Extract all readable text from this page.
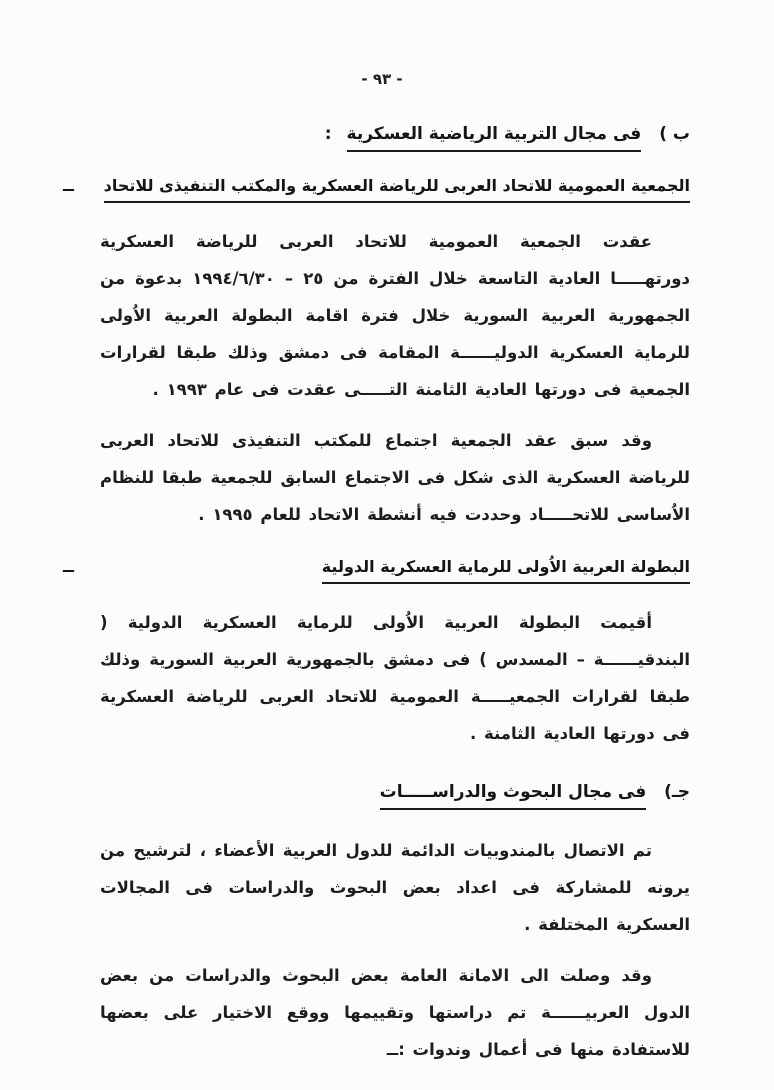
- ٩٣ -
ب ) فى مجال التربية الرياضية العسكرية :
ــ الجمعية العمومية للاتحاد العربى للرياضة العسكرية والمكتب التنفيذى للاتحاد

عقدت الجمعية العمومية للاتحاد العربى للرياضة العسكرية دورتهـــــا العادية التاسعة خلال الفترة من ٢٥ – ١٩٩٤/٦/٣٠ بدعوة من الجمهورية العربية السورية خلال فترة اقامة البطولة العربية الاُولى للرماية العسكرية الدوليــــــة المقامة فى دمشق وذلك طبقا لقرارات الجمعية فى دورتها العادية الثامنة التـــــى عقدت فى عام ١٩٩٣ .

وقد سبق عقد الجمعية اجتماع للمكتب التنفيذى للاتحاد العربى للرياضة العسكرية الذى شكل فى الاجتماع السابق للجمعية طبقا للنظام الاُساسى للاتحـــــاد وحددت فيه أنشطة الاتحاد للعام ١٩٩٥ .

ــ	البطولة العربية الاُولى للرماية العسكرية الدولية

أقيمت البطولة العربية الاُولى للرماية العسكرية الدولية ( البندقيــــــة – المسدس ) فى دمشق بالجمهورية العربية السورية وذلك طبقا لقرارات الجمعيـــــة العمومية للاتحاد العربى للرياضة العسكرية فى دورتها العادية الثامنة .

جـ) فى مجال البحوث والدراســـــات

تم الاتصال بالمندوبيات الدائمة للدول العربية الأعضاء ، لترشيح من يرونه للمشاركة فى اعداد بعض البحوث والدراسات فى المجالات العسكرية المختلفة .

وقد وصلت الى الامانة العامة بعض البحوث والدراسات من بعض الدول العربيــــــة تم دراستها وتقييمها ووقع الاختيار على بعضها للاستفادة منها فى أعمال وندوات :ــ
